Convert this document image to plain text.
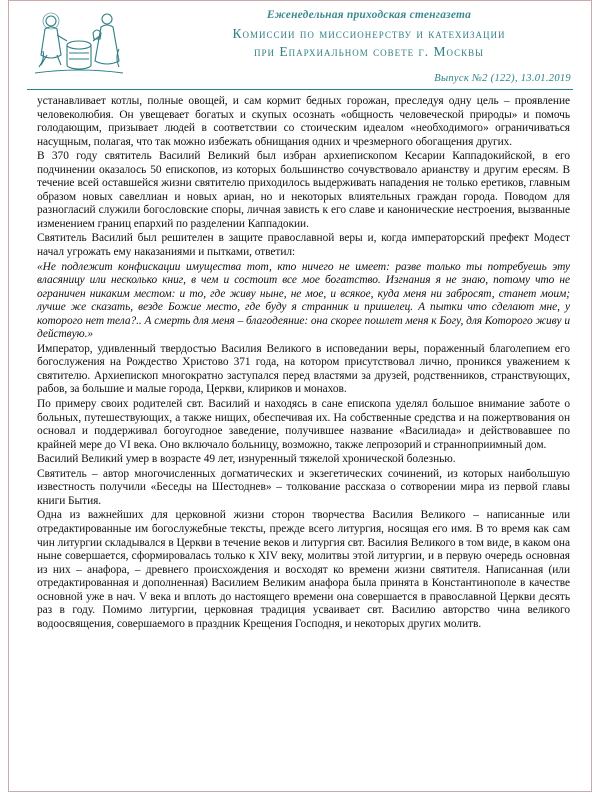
Еженедельная приходская стенгазета
Комиссии по миссионерству и катехизации
при Епархиальном совете г. Москвы
Выпуск №2 (122), 13.01.2019

устанавливает котлы, полные овощей, и сам кормит бедных горожан, преследуя одну цель – проявление человеколюбия. Он увещевает богатых и скупых осознать «общность человеческой природы» и помочь голодающим, призывает людей в соответствии со стоическим идеалом «необходимого» ограничиваться насущным, полагая, что так можно избежать обнищания одних и чрезмерного обогащения других.

В 370 году святитель Василий Великий был избран архиепископом Кесарии Каппадокийской, в его подчинении оказалось 50 епископов, из которых большинство сочувствовало арианству и другим ересям. В течение всей оставшейся жизни святителю приходилось выдерживать нападения не только еретиков, главным образом новых савеллиан и новых ариан, но и некоторых влиятельных граждан города. Поводом для разногласий служили богословские споры, личная зависть к его славе и канонические нестроения, вызванные изменением границ епархий по разделении Каппадокии.

Святитель Василий был решителен в защите православной веры и, когда императорский префект Модест начал угрожать ему наказаниями и пытками, ответил:

«Не подлежит конфискации имущества тот, кто ничего не имеет: разве только ты потребуешь эту власяницу или несколько книг, в чем и состоит все мое богатство. Изгнания я не знаю, потому что не ограничен никаким местом: и то, где живу ныне, не мое, и всякое, куда меня ни забросят, станет моим; лучше же сказать, везде Божие место, где буду я странник и пришелец. А пытки что сделают мне, у которого нет тела?.. А смерть для меня – благодеяние: она скорее пошлет меня к Богу, для Которого живу и действую.»

Император, удивленный твердостью Василия Великого в исповедании веры, пораженный благолепием его богослужения на Рождество Христово 371 года, на котором присутствовал лично, проникся уважением к святителю. Архиепископ многократно заступался перед властями за друзей, родственников, странствующих, рабов, за большие и малые города, Церкви, клириков и монахов.

По примеру своих родителей свт. Василий и находясь в сане епископа уделял большое внимание заботе о больных, путешествующих, а также нищих, обеспечивая их. На собственные средства и на пожертвования он основал и поддерживал богоугодное заведение, получившее название «Василиада» и действовавшее по крайней мере до VI века. Оно включало больницу, возможно, также лепрозорий и странноприимный дом.

Василий Великий умер в возрасте 49 лет, изнуренный тяжелой хронической болезнью.

Святитель – автор многочисленных догматических и экзегетических сочинений, из которых наибольшую известность получили «Беседы на Шестоднев» – толкование рассказа о сотворении мира из первой главы книги Бытия.

Одна из важнейших для церковной жизни сторон творчества Василия Великого – написанные или отредактированные им богослужебные тексты, прежде всего литургия, носящая его имя. В то время как сам чин литургии складывался в Церкви в течение веков и литургия свт. Василия Великого в том виде, в каком она ныне совершается, сформировалась только к XIV веку, молитвы этой литургии, и в первую очередь основная из них – анафора, – древнего происхождения и восходят ко времени жизни святителя. Написанная (или отредактированная и дополненная) Василием Великим анафора была принята в Константинополе в качестве основной уже в нач. V века и вплоть до настоящего времени она совершается в православной Церкви десять раз в году. Помимо литургии, церковная традиция усваивает свт. Василию авторство чина великого водоосвящения, совершаемого в праздник Крещения Господня, и некоторых других молитв.
